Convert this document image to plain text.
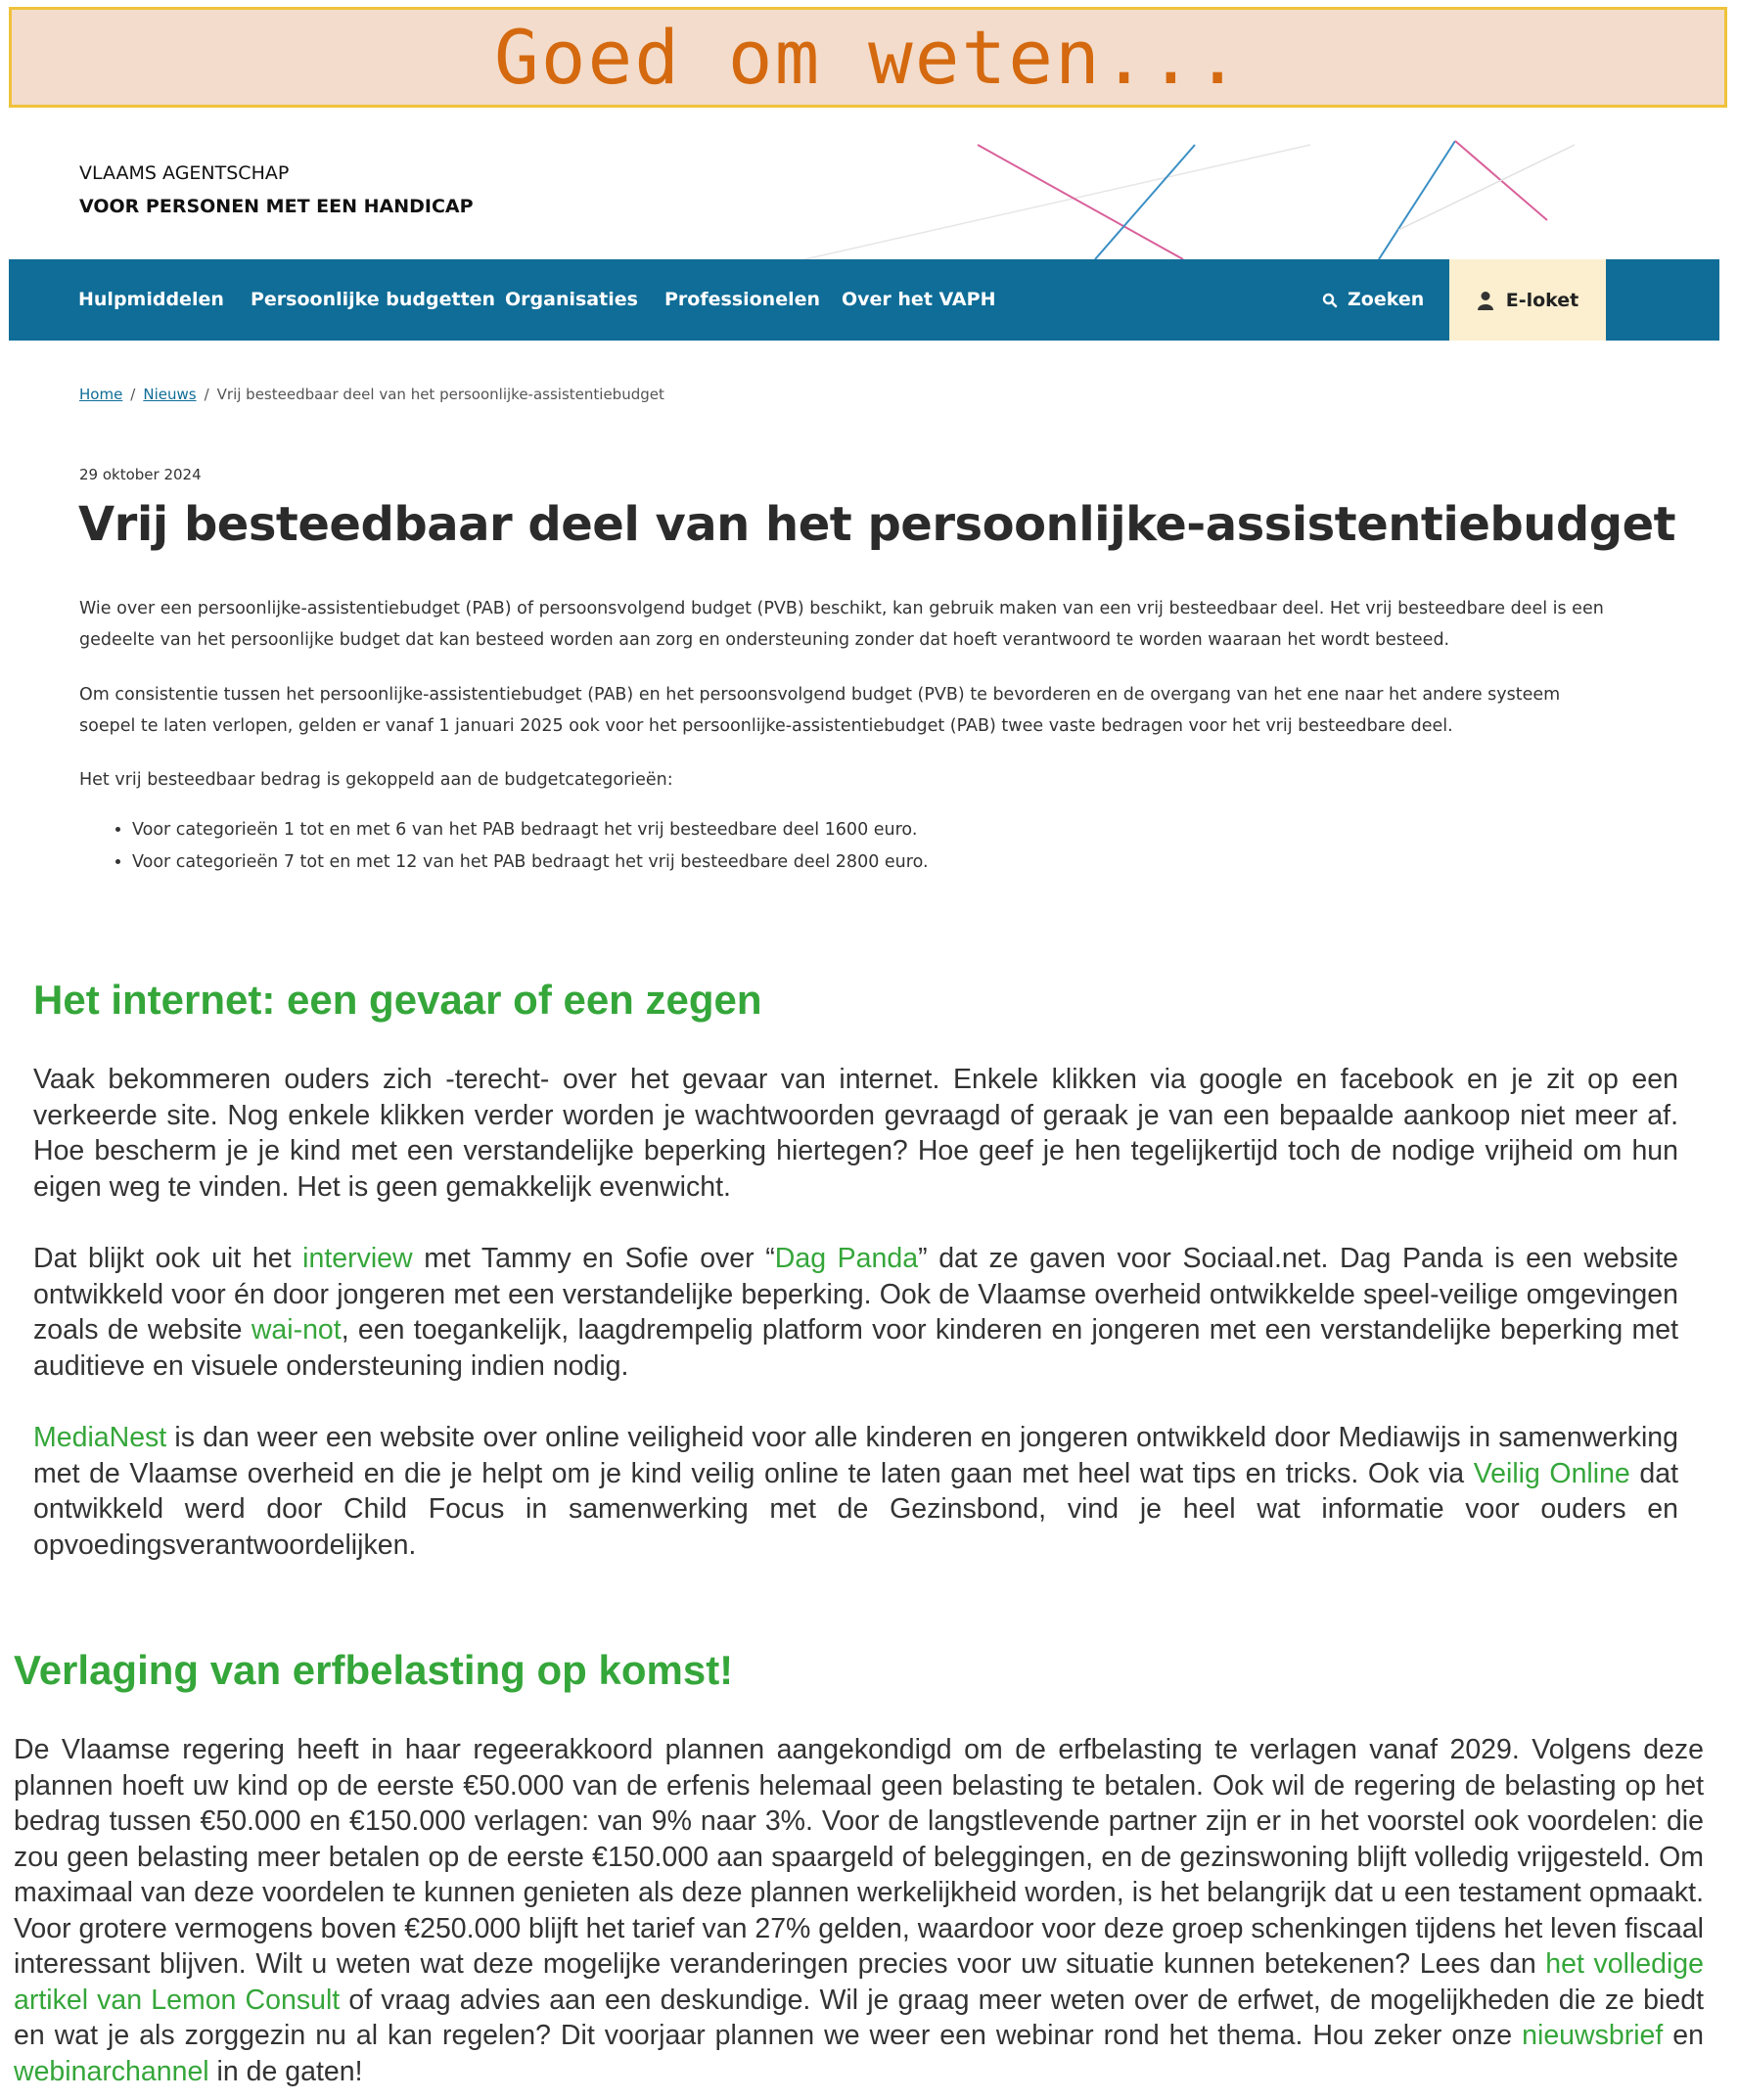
Goed om weten...
VLAAMS AGENTSCHAP
VOOR PERSONEN MET EEN HANDICAP
Hulpmiddelen Persoonlijke budgetten Organisaties Professionelen Over het VAPH	Zoeken	E-loket
Home / Nieuws / Vrij besteedbaar deel van het persoonlijke-assistentiebudget
29 oktober 2024
Vrij besteedbaar deel van het persoonlijke-assistentiebudget

Wie over een persoonlijke-assistentiebudget (PAB) of persoonsvolgend budget (PVB) beschikt, kan gebruik maken van een vrij besteedbaar deel. Het vrij besteedbare deel is een gedeelte van het persoonlijke budget dat kan besteed worden aan zorg en ondersteuning zonder dat hoeft verantwoord te worden waaraan het wordt besteed.

Om consistentie tussen het persoonlijke-assistentiebudget (PAB) en het persoonsvolgend budget (PVB) te bevorderen en de overgang van het ene naar het andere systeem soepel te laten verlopen, gelden er vanaf 1 januari 2025 ook voor het persoonlijke-assistentiebudget (PAB) twee vaste bedragen voor het vrij besteedbare deel.

Het vrij besteedbaar bedrag is gekoppeld aan de budgetcategorieën:

• Voor categorieën 1 tot en met 6 van het PAB bedraagt het vrij besteedbare deel 1600 euro.
• Voor categorieën 7 tot en met 12 van het PAB bedraagt het vrij besteedbare deel 2800 euro.
Het internet: een gevaar of een zegen

Vaak bekommeren ouders zich -terecht- over het gevaar van internet. Enkele klikken via google en facebook en je zit op een verkeerde site. Nog enkele klikken verder worden je wachtwoorden gevraagd of geraak je van een bepaalde aankoop niet meer af. Hoe bescherm je je kind met een verstandelijke beperking hiertegen? Hoe geef je hen tegelijkertijd toch de nodige vrijheid om hun eigen weg te vinden. Het is geen gemakkelijk evenwicht.

Dat blijkt ook uit het interview met Tammy en Sofie over “Dag Panda” dat ze gaven voor Sociaal.net. Dag Panda is een website ontwikkeld voor én door jongeren met een verstandelijke beperking. Ook de Vlaamse overheid ontwikkelde speel-veilige omgevingen zoals de website wai-not, een toegankelijk, laagdrempelig platform voor kinderen en jongeren met een verstandelijke beperking met auditieve en visuele ondersteuning indien nodig.

MediaNest is dan weer een website over online veiligheid voor alle kinderen en jongeren ontwikkeld door Mediawijs in samenwerking met de Vlaamse overheid en die je helpt om je kind veilig online te laten gaan met heel wat tips en tricks. Ook via Veilig Online dat ontwikkeld werd door Child Focus in samenwerking met de Gezinsbond, vind je heel wat informatie voor ouders en opvoedingsverantwoordelijken.

Verlaging van erfbelasting op komst!

De Vlaamse regering heeft in haar regeerakkoord plannen aangekondigd om de erfbelasting te verlagen vanaf 2029. Volgens deze plannen hoeft uw kind op de eerste €50.000 van de erfenis helemaal geen belasting te betalen. Ook wil de regering de belasting op het bedrag tussen €50.000 en €150.000 verlagen: van 9% naar 3%. Voor de langstlevende partner zijn er in het voorstel ook voordelen: die zou geen belasting meer betalen op de eerste €150.000 aan spaargeld of beleggingen, en de gezinswoning blijft volledig vrijgesteld. Om maximaal van deze voordelen te kunnen genieten als deze plannen werkelijkheid worden, is het belangrijk dat u een testament opmaakt. Voor grotere vermogens boven €250.000 blijft het tarief van 27% gelden, waardoor voor deze groep schenkingen tijdens het leven fiscaal interessant blijven. Wilt u weten wat deze mogelijke veranderingen precies voor uw situatie kunnen betekenen? Lees dan het volledige artikel van Lemon Consult of vraag advies aan een deskundige. Wil je graag meer weten over de erfwet, de mogelijkheden die ze biedt en wat je als zorggezin nu al kan regelen? Dit voorjaar plannen we weer een webinar rond het thema. Hou zeker onze nieuwsbrief en webinarchannel in de gaten!
